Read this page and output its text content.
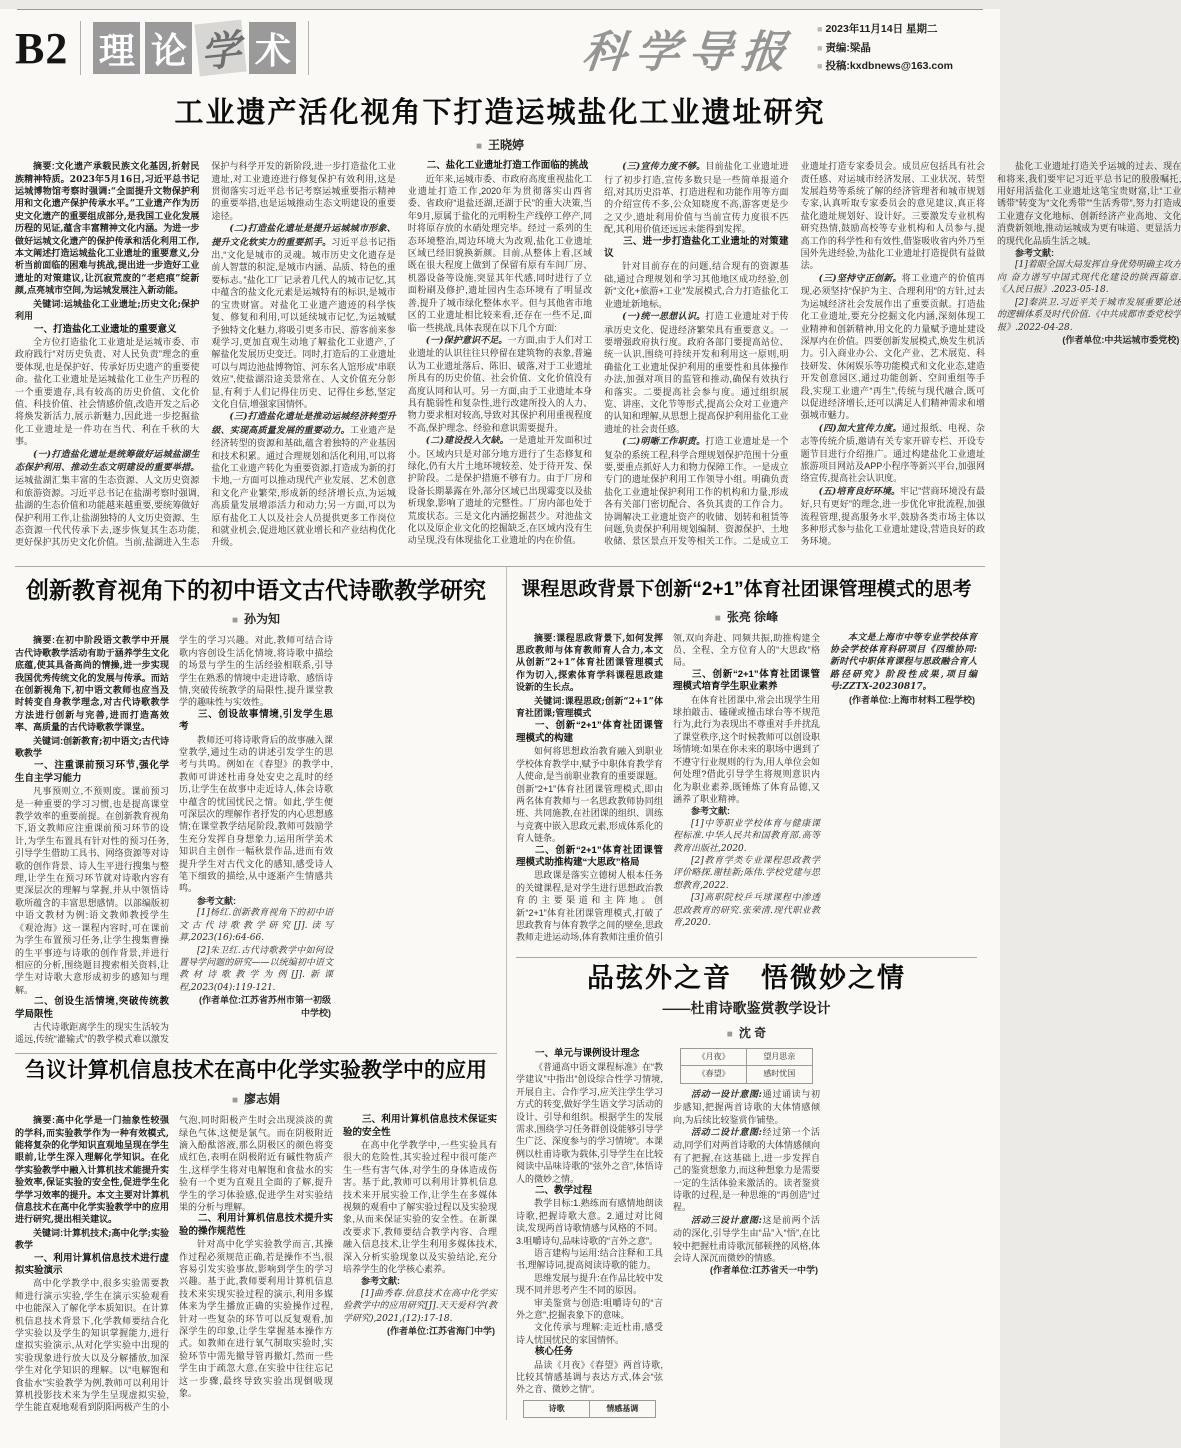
B2 理 论 学 术	科学导报 ■ 2023年11月14日 星期二
■ 责编:梁晶
■ 投稿:kxdbnews@163.com
工业遗产活化视角下打造运城盐化工业遗址研究
■ 王晓婷

摘要:文化遗产承载民族文化基因,折射民族精神特质。2023年5月16日,习近平总书记运城博物馆考察时强调:“全面提升文物保护利用和文化遗产保护传承水平。”工业遗产作为历史文化遗产的重要组成部分,是我国工业化发展历程的见证,蕴含丰富精神文化内涵。为进一步做好运城文化遗产的保护传承和活化利用工作,本文阐述打造运城盐化工业遗址的重要意义,分析当前面临的困难与挑战,提出进一步造好工业遗址的对策建议,让沉寂荒废的“老疤痕”绽新颜,点亮城市空间,为运城发展注入新动能。

关键词:运城盐化工业遗址;历史文化;保护利用

一、打造盐化工业遗址的重要意义

全方位打造盐化工业遗址是运城市委、市政府践行“对历史负责、对人民负责”理念的重要体现,也是保护好、传承好历史遗产的重要使命。盐化工业遗址是运城盐化工业生产历程的一个重要遗存,具有较高的历史价值、文化价值、科技价值、社会情感价值,改造开发之后必将焕发新活力,展示新魅力,因此进一步挖掘盐化工业遗址是一件功在当代、利在千秋的大事。

(一)打造盐化遗址是统筹做好运城盐湖生态保护利用、推动生态文明建设的重要举措。运城盐湖汇集丰富的生态资源、人文历史资源和旅游资源。习近平总书记在盐湖考察时强调,盐湖的生态价值和功能越来越重要,要统筹做好保护利用工作,让盐湖独特的人文历史资源、生态资源一代代传承下去,逐步恢复其生态功能,更好保护其历史文化价值。当前,盐湖进入生态保护与科学开发的新阶段,进一步打造盐化工业遗址,对工业遗迹进行修复保护有效利用,这是贯彻落实习近平总书记考察运城重要指示精神的重要举措,也是运城推动生态文明建设的重要途径。

(二)打造盐化遗址是提升运城城市形象、提升文化软实力的重要抓手。习近平总书记指出,“文化是城市的灵魂。城市历史文化遗存是前人智慧的积淀,是城市内涵、品质、特色的重要标志。”盐化工厂记录着几代人的城市记忆,其中蕴含的盐文化元素是运城特有的标识,是城市的宝贵财富。对盐化工业遗产遗迹的科学恢复、修复和利用,可以延续城市记忆,为运城赋予独特文化魅力,将吸引更多市民、游客前来参观学习,更加直观生动地了解盐化工业遗产,了解盐化发展历史变迁。同时,打造后的工业遗址可以与周边池盐博物馆、河东名人馆形成“串联效应”,使盐湖沿途美景常在、人文价值充分彰显,有利于人们记得住历史、记得住乡愁,坚定文化自信,增强家国情怀。

(三)打造盐化遗址是推动运城经济转型升级、实现高质量发展的重要动力。工业遗产是经济转型的资源和基础,蕴含着独特的产业基因和技术积累。通过合理规划和活化利用,可以将盐化工业遗产转化为重要资源,打造成为新的打卡地,一方面可以推动现代产业发展、艺术创意和文化产业繁荣,形成新的经济增长点,为运城高质量发展增添活力和动力;另一方面,可以为原有盐化工人以及社会人员提供更多工作岗位和就业机会,促进地区就业增长和产业结构优化升级。

二、盐化工业遗址打造工作面临的挑战

近年来,运城市委、市政府高度重视盐化工业遗址打造工作,2020年为贯彻落实山西省委、省政府“退盐还湖,还湖于民”的重大决策,当年9月,原属于盐化的元明粉生产线停工停产,同时将原存放的水硝处理完毕。经过一系列的生态环境整治,周边环境大为改观,盐化工业遗址区域已经旧貌换新颜。目前,从整体上看,区域既在很大程度上做到了保留有原有车间厂房、机器设备等设施,突显其年代感,同时进行了立面粉刷及修护,遗址园内生态环境有了明显改善,提升了城市绿化整体水平。但与其他省市地区的工业遗址相比较来看,还存在一些不足,面临一些挑战,具体表现在以下几个方面:

(一)保护意识不足。一方面,由于人们对工业遗址的认识往往只停留在建筑物的表象,普遍认为工业遗址落后、陈旧、破落,对于工业遗址所具有的历史价值、社会价值、文化价值没有高度认同和认可。另一方面,由于工业遗址本身具有脆弱性和复杂性,进行改建所投入的人力、物力要求相对较高,导致对其保护利用重视程度不高,保护理念、经验和意识需要提升。

(二)建设投入欠缺。一是遗址开发面积过小。区域内只是对部分地方进行了生态修复和绿化,仍有大片土地环境较差、处于待开发、保护阶段。二是保护措施不够有力。由于厂房和设备长期暴露在外,部分区域已出现霉变以及盐析现象,影响了遗址的完整性。厂房内部也处于荒废状态。三是文化内涵挖掘甚少。对池盐文化以及原企业文化的挖掘缺乏,在区域内没有生动呈现,没有体现盐化工业遗址的内在价值。

(三)宣传力度不够。目前盐化工业遗址进行了初步打造,宣传多数只是一些简单报道介绍,对其历史沿革、打造进程和功能作用等方面的介绍宣传不多,公众知晓度不高,游客更是少之又少,遗址利用价值与当前宣传力度很不匹配,其利用价值还远远未能得到发挥。

三、进一步打造盐化工业遗址的对策建议

针对目前存在的问题,结合现有的资源基础,通过合理规划和学习其他地区成功经验,创新“文化+旅游+工业”发展模式,合力打造盐化工业遗址新地标。

(一)统一思想认识。打造工业遗址对于传承历史文化、促进经济繁荣具有重要意义。一要增强政府执行度。政府各部门要提高站位、统一认识,围绕可持续开发和利用这一原则,明确盐化工业遗址保护利用的重要性和具体操作办法,加强对项目的监管和推动,确保有效执行和落实。二要提高社会参与度。通过组织展览、讲座、文化节等形式,提高公众对工业遗产的认知和理解,从思想上提高保护利用盐化工业遗址的社会责任感。

(二)明晰工作职责。打造工业遗址是一个复杂的系统工程,科学合理规划保护范围十分重要,要重点抓好人力和物力保障工作。一是成立专门的遗址保护利用工作领导小组。明确负责盐化工业遗址保护利用工作的机构和力量,形成各有关部门密切配合、各负其责的工作合力。协调解决工业遗址资产的收储、划转和租赁等问题,负责保护利用规划编制、资源保护、土地收储、景区景点开发等相关工作。二是成立工业遗址打造专家委员会。成员应包括具有社会责任感、对运城市经济发展、工业状况、转型发展趋势等系统了解的经济管理者和城市规划专家,认真听取专家委员会的意见建议,真正将盐化遗址规划好、设计好。三要激发专业机构研究热情,鼓励高校等专业机构和人员参与,提高工作的科学性和有效性,借鉴吸收省内外乃至国外先进经验,为盐化工业遗址打造提供有益做法。

(三)坚持守正创新。将工业遗产的价值再现,必须坚持“保护为主、合理利用”的方针,过去为运城经济社会发展作出了重要贡献。打造盐化工业遗址,要充分挖掘文化内涵,深刻体现工业精神和创新精神,用文化的力量赋予遗址建设深厚内在价值。四要创新发展模式,焕发生机活力。引入商业办公、文化产业、艺术展览、科技研发、休闲娱乐等功能模式和文化业态,建造开发创意园区,通过功能创新、空间重组等手段,实现工业遗产“再生”,传统与现代融合,既可以促进经济增长,还可以满足人们精神需求和增强城市魅力。

(四)加大宣传力度。通过报纸、电视、杂志等传统介质,邀请有关专家开辟专栏、开设专题节目进行介绍推广。通过构建盐化工业遗址旅游项目网站及APP小程序等新兴平台,加强网络宣传,提高社会认识度。

(五)培育良好环境。牢记“营商环境没有最好,只有更好”的理念,进一步优化审批流程,加强流程管理,提高服务水平,鼓励各类市场主体以多种形式参与盐化工业遗址建设,营造良好的政务环境。

盐化工业遗址打造关乎运城的过去、现在和将来,我们要牢记习近平总书记的殷殷嘱托,用好用活盐化工业遗址这笔宝贵财富,让“工业锈带”转变为“文化秀带”“生活秀带”,努力打造成工业遗存文化地标、创新经济产业高地、文化消费新领地,推动运城成为更有味道、更显活力的现代化品质生活之城。

参考文献:

[1]着眼全国大局发挥自身优势明确主攻方向 奋力谱写中国式现代化建设的陕西篇章.《人民日报》.2023-05-18.

[2]秦洪卫.习近平关于城市发展重要论述的逻辑体系及时代价值.《中共成都市委党校学报》.2022-04-28.

(作者单位:中共运城市委党校)

创新教育视角下的初中语文古代诗歌教学研究
■ 孙为知

摘要:在初中阶段语文教学中开展古代诗歌教学活动有助于涵养学生文化底蕴,使其具备高尚的情操,进一步实现我国优秀传统文化的发展与传承。而站在创新视角下,初中语文教师也应当及时转变自身教学理念,对古代诗歌教学方法进行创新与完善,进而打造高效率、高质量的古代诗歌教学课堂。

关键词:创新教育;初中语文;古代诗歌教学

一、注重课前预习环节,强化学生自主学习能力

凡事预则立,不预则废。课前预习是一种重要的学习习惯,也是提高课堂教学效率的重要前提。在创新教育视角下,语文教师应注重课前预习环节的设计,为学生布置具有针对性的预习任务,引导学生借助工具书、网络资源等对诗歌的创作背景、诗人生平进行搜集与整理,让学生在预习环节就对诗歌内容有更深层次的理解与掌握,并从中领悟诗歌所蕴含的丰富思想感情。以部编版初中语文教材为例:语文教师教授学生《观沧海》这一课程内容时,可在课前为学生布置预习任务,让学生搜集曹操的生平事迹与诗歌的创作背景,并进行相应的分析,围绕题目搜索相关资料,让学生对诗歌大意形成初步的感知与理解。

二、创设生活情境,突破传统教学局限性

古代诗歌距离学生的现实生活较为遥远,传统“灌输式”的教学模式难以激发学生的学习兴趣。对此,教师可结合诗歌内容创设生活化情境,将诗歌中描绘的场景与学生的生活经验相联系,引导学生在熟悉的情境中走进诗歌、感悟诗情,突破传统教学的局限性,提升课堂教学的趣味性与实效性。

三、创设故事情境,引发学生思考

教师还可将诗歌背后的故事融入课堂教学,通过生动的讲述引发学生的思考与共鸣。例如在《春望》的教学中,教师可讲述杜甫身处安史之乱时的经历,让学生在故事中走近诗人,体会诗歌中蕴含的忧国忧民之情。如此,学生便可深层次的理解作者抒发的内心思想感情;在课堂教学结尾阶段,教师可鼓励学生充分发挥自身想象力,运用所学美术知识自主创作一幅秋景作品,进而有效提升学生对古代文化的感知,感受诗人笔下细致的描绘,从中逐渐产生情感共鸣。

参考文献:

[1]杨红.创新教育视角下的初中语文古代诗歌教学研究[J].读写算,2023(16):64-66.

[2]朱卫红.古代诗歌教学中如何设置导学问题的研究——以统编初中语文教材诗歌教学为例[J].新课程,2023(04):119-121.

(作者单位:江苏省苏州市第一初级中学校)

刍议计算机信息技术在高中化学实验教学中的应用
■ 廖志娟

摘要:高中化学是一门抽象性较强的学科,而实验教学作为一种有效模式,能将复杂的化学知识直观地呈现在学生眼前,让学生深入理解化学知识。在化学实验教学中融入计算机技术能提升实验效率,保证实验的安全性,促进学生化学学习效率的提升。本文主要对计算机信息技术在高中化学实验教学中的应用进行研究,提出相关建议。

关键词:计算机技术;高中化学;实验教学

一、利用计算机信息技术进行虚拟实验演示

高中化学教学中,很多实验需要教师进行演示实验,学生在演示实验观看中也能深入了解化学本质知识。在计算机信息技术背景下,化学教师要结合化学实验以及学生的知识掌握能力,进行虚拟实验演示,从对化学实验中出现的实验现象进行放大以及分解播放,加深学生对化学知识的理解。以“电解饱和食盐水”实验教学为例,教师可以利用计算机投影技术来为学生呈现虚拟实验,学生能直观地观看到阴阳两极产生的小气泡,同时阳极产生时会出现淡淡的黄绿色气体,这便是氯气。而在阴极附近滴入酚酞溶液,那么阴极区的颜色将变成红色,表明在阴极附近有碱性物质产生,这样学生将对电解饱和食盐水的实验有一个更为直观且全面的了解,提升学生的学习体验感,促进学生对实验结果的分析与理解。

二、利用计算机信息技术提升实验的操作规范性

针对高中化学实验教学而言,其操作过程必须规范正确,若是操作不当,很容易引发实验事故,影响到学生的学习兴趣。基于此,教师要利用计算机信息技术来实现实验过程的演示,利用多媒体来为学生播放正确的实验操作过程,针对一些复杂的环节可以反复观看,加深学生的印象,让学生掌握基本操作方式。如教师在进行氧气制取实验时,实验环节中需先撤导管再撤灯,然而一些学生由于疏忽大意,在实验中往往忘记这一步骤,最终导致实验出现倒吸现象。

三、利用计算机信息技术保证实验的安全性

在高中化学教学中,一些实验具有很大的危险性,其实验过程中很可能产生一些有害气体,对学生的身体造成伤害。基于此,教师可以利用计算机信息技术来开展实验工作,让学生在多媒体视频的观看中了解实验过程以及实验现象,从而来保证实验的安全性。在新课改要求下,教师要结合教学内容、合理融入信息技术,让学生利用多媒体技术,深入分析实验现象以及实验结论,充分培养学生的化学核心素养。

参考文献:

[1]曲秀春.信息技术在高中化学实验教学中的应用研究[J].天天爱科学(教学研究),2021,(12):17-18.

(作者单位:江苏省海门中学)

课程思政背景下创新“2+1”体育社团课管理模式的思考
■ 张亮 徐峰

摘要:课程思政背景下,如何发挥思政教师与体育教师育人合力,本文从创新“2+1”体育社团课管理模式作为切入,探索体育学科课程思政建设新的生长点。

关键词:课程思政;创新“2+1”体育社团课;管理模式

一、创新“2+1”体育社团课管理模式的构建

如何将思想政治教育融入到职业学校体育教学中,赋予中职体育教学育人使命,是当前职业教育的重要课题。创新“2+1”体育社团课管理模式,即由两名体育教师与一名思政教师协同组班、共同施教,在社团课的组织、训练与竞赛中嵌入思政元素,形成体系化的育人链条。

二、创新“2+1”体育社团课管理模式助推构建“大思政”格局

思政课是落实立德树人根本任务的关键课程,是对学生进行思想政治教育的主要渠道和主阵地。创新“2+1”体育社团课管理模式,打破了思政教育与体育教学之间的壁垒,思政教师走进运动场,体育教师注重价值引领,双向奔赴、同频共振,助推构建全员、全程、全方位育人的“大思政”格局。

三、创新“2+1”体育社团课管理模式培育学生职业素养

在体育社团课中,常会出现学生用球拍敲击、磕碰或撞击球台等不规范行为,此行为表现出不尊重对手并扰乱了课堂秩序,这个时候教师可以创设职场情境:如果在你未来的职场中遇到了不遵守行业规则的行为,用人单位会如何处理?借此引导学生将规则意识内化为职业素养,既锤炼了体育品德,又涵养了职业精神。

参考文献:

[1]中等职业学校体育与健康课程标准.中华人民共和国教育部.高等教育出版社,2020.

[2]教育学类专业课程思政教学评价略探.谢桂新;陈伟.学校党建与思想教育,2022.

[3]高职院校乒乓球课程中渗透思政教育的研究.张荣清.现代职业教育,2020.

本文是上海市中等专业学校体育协会学校体育科研项目《四维协同:新时代中职体育课程与思政融合育人路径研究》阶段性成果,项目编号:ZZTX-20230817。

(作者单位:上海市材料工程学校)

品弦外之音　悟微妙之情
——杜甫诗歌鉴赏教学设计
■ 沈 奇

一、单元与课例设计理念

《普通高中语文课程标准》在“教学建议”中指出“创设综合性学习情境,开展自主、合作学习,应关注学生学习方式的转变,做好学生语文学习活动的设计、引导和组织。根据学生的发展需求,围绕学习任务群创设能够引导学生广泛、深度参与的学习情境”。本课例以杜甫诗歌为载体,引导学生在比较阅读中品味诗歌的“弦外之音”,体悟诗人的微妙之情。

二、教学过程

教学目标:1.熟练而有感情地朗读诗歌,把握诗歌大意。2.通过对比阅读,发现两首诗歌情感与风格的不同。3.咀嚼诗句,品味诗歌的“言外之意”。

语言建构与运用:结合注释和工具书,理解诗词,提高阅读诗歌的能力。

思维发展与提升:在作品比较中发现不同并思考产生不同的原因。

审美鉴赏与创造:咀嚼诗句的“言外之意”,挖掘表象下的意味。

文化传承与理解:走近杜甫,感受诗人忧国忧民的家国情怀。

核心任务

品读《月夜》《春望》两首诗歌,比较其情感基调与表达方式,体会“弦外之音、微妙之情”。

诗歌	情感基调
《月夜》	望月思亲
《春望》	感时忧国

活动一设计意图:通过诵读与初步感知,把握两首诗歌的大体情感倾向,为后续比较鉴赏作铺垫。

活动二设计意图:经过第一个活动,同学们对两首诗歌的大体情感倾向有了把握,在这基础上,进一步发挥自己的鉴赏想象力,而这种想象力是需要一定的生活体验来激活的。读者鉴赏诗歌的过程,是一种思维的“再创造”过程。

活动三设计意图:这是前两个活动的深化,引导学生由“品”入“悟”,在比较中把握杜甫诗歌沉郁顿挫的风格,体会诗人深沉而微妙的情感。

(作者单位:江苏省天一中学)
